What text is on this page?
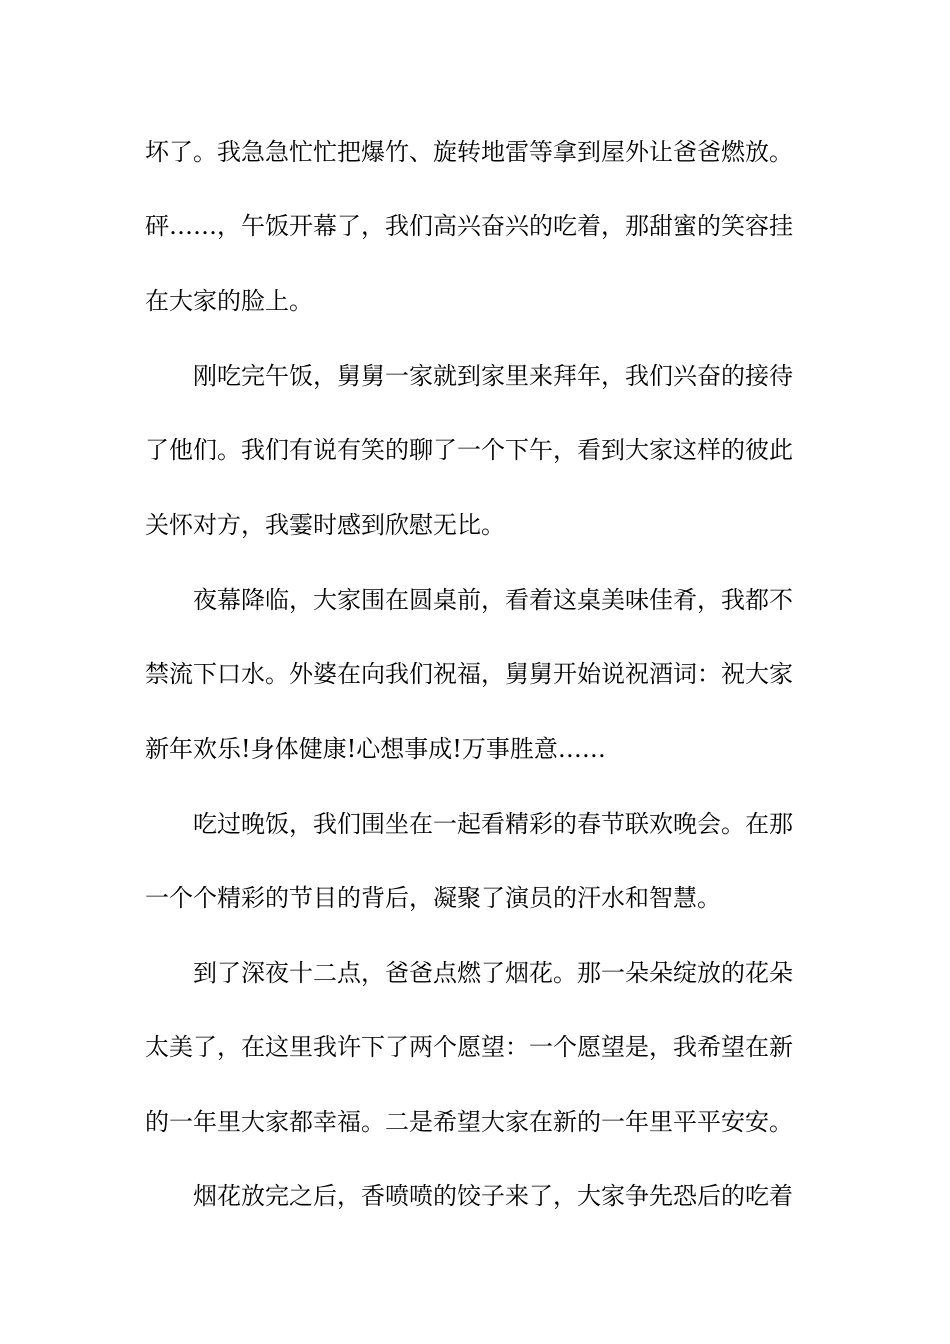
坏了。我急急忙忙把爆竹、旋转地雷等拿到屋外让爸爸燃放。
砰……，午饭开幕了，我们高兴奋兴的吃着，那甜蜜的笑容挂
在大家的脸上。
刚吃完午饭，舅舅一家就到家里来拜年，我们兴奋的接待
了他们。我们有说有笑的聊了一个下午，看到大家这样的彼此
关怀对方，我霎时感到欣慰无比。
夜幕降临，大家围在圆桌前，看着这桌美味佳肴，我都不
禁流下口水。外婆在向我们祝福，舅舅开始说祝酒词：祝大家
新年欢乐!身体健康!心想事成!万事胜意……
吃过晚饭，我们围坐在一起看精彩的春节联欢晚会。在那
一个个精彩的节目的背后，凝聚了演员的汗水和智慧。
到了深夜十二点，爸爸点燃了烟花。那一朵朵绽放的花朵
太美了，在这里我许下了两个愿望：一个愿望是，我希望在新
的一年里大家都幸福。二是希望大家在新的一年里平平安安。
烟花放完之后，香喷喷的饺子来了，大家争先恐后的吃着
